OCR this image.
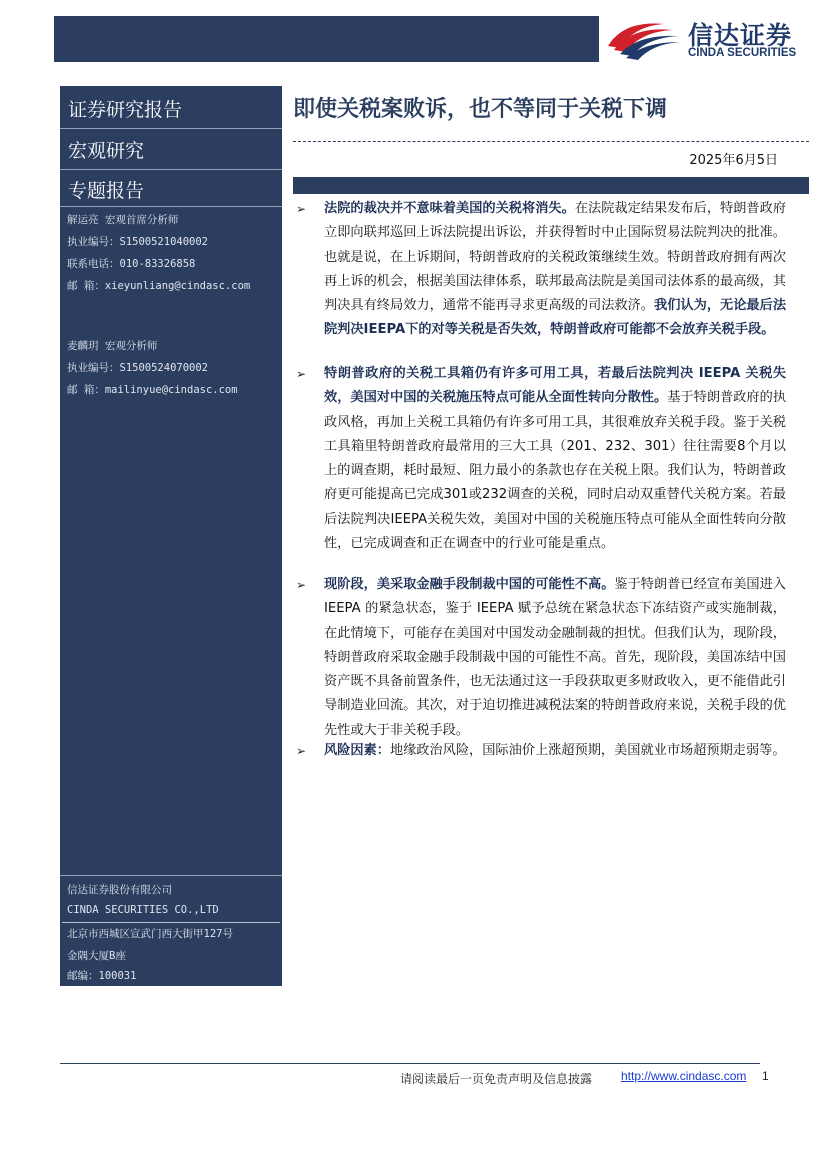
信达证券
CINDA SECURITIES
证券研究报告
宏观研究
专题报告
解运亮 宏观首席分析师
执业编号：S1500521040002
联系电话：010-83326858
邮 箱：xieyunliang@cindasc.com
麦麟玥 宏观分析师
执业编号：S1500524070002
邮 箱：mailinyue@cindasc.com
信达证券股份有限公司
CINDA SECURITIES CO.,LTD
北京市西城区宣武门西大街甲127号
金隅大厦B座
邮编：100031
即使关税案败诉，也不等同于关税下调
2025年6月5日
➢ 法院的裁决并不意味着美国的关税将消失。在法院裁定结果发布后，特朗普政府立即向联邦巡回上诉法院提出诉讼，并获得暂时中止国际贸易法院判决的批准。也就是说，在上诉期间，特朗普政府的关税政策继续生效。特朗普政府拥有两次再上诉的机会，根据美国法律体系，联邦最高法院是美国司法体系的最高级，其判决具有终局效力，通常不能再寻求更高级的司法救济。我们认为，无论最后法院判决IEEPA下的对等关税是否失效，特朗普政府可能都不会放弃关税手段。
➢ 特朗普政府的关税工具箱仍有许多可用工具，若最后法院判决 IEEPA 关税失效，美国对中国的关税施压特点可能从全面性转向分散性。基于特朗普政府的执政风格，再加上关税工具箱仍有许多可用工具，其很难放弃关税手段。鉴于关税工具箱里特朗普政府最常用的三大工具（201、232、301）往往需要8个月以上的调查期，耗时最短、阻力最小的条款也存在关税上限。我们认为，特朗普政府更可能提高已完成301或232调查的关税，同时启动双重替代关税方案。若最后法院判决IEEPA关税失效，美国对中国的关税施压特点可能从全面性转向分散性，已完成调查和正在调查中的行业可能是重点。
➢ 现阶段，美采取金融手段制裁中国的可能性不高。鉴于特朗普已经宣布美国进入 IEEPA 的紧急状态，鉴于 IEEPA 赋予总统在紧急状态下冻结资产或实施制裁，在此情境下，可能存在美国对中国发动金融制裁的担忧。但我们认为，现阶段，特朗普政府采取金融手段制裁中国的可能性不高。首先，现阶段，美国冻结中国资产既不具备前置条件，也无法通过这一手段获取更多财政收入，更不能借此引导制造业回流。其次，对于迫切推进减税法案的特朗普政府来说，关税手段的优先性或大于非关税手段。
➢ 风险因素：地缘政治风险，国际油价上涨超预期，美国就业市场超预期走弱等。
请阅读最后一页免责声明及信息披露 http://www.cindasc.com 1
